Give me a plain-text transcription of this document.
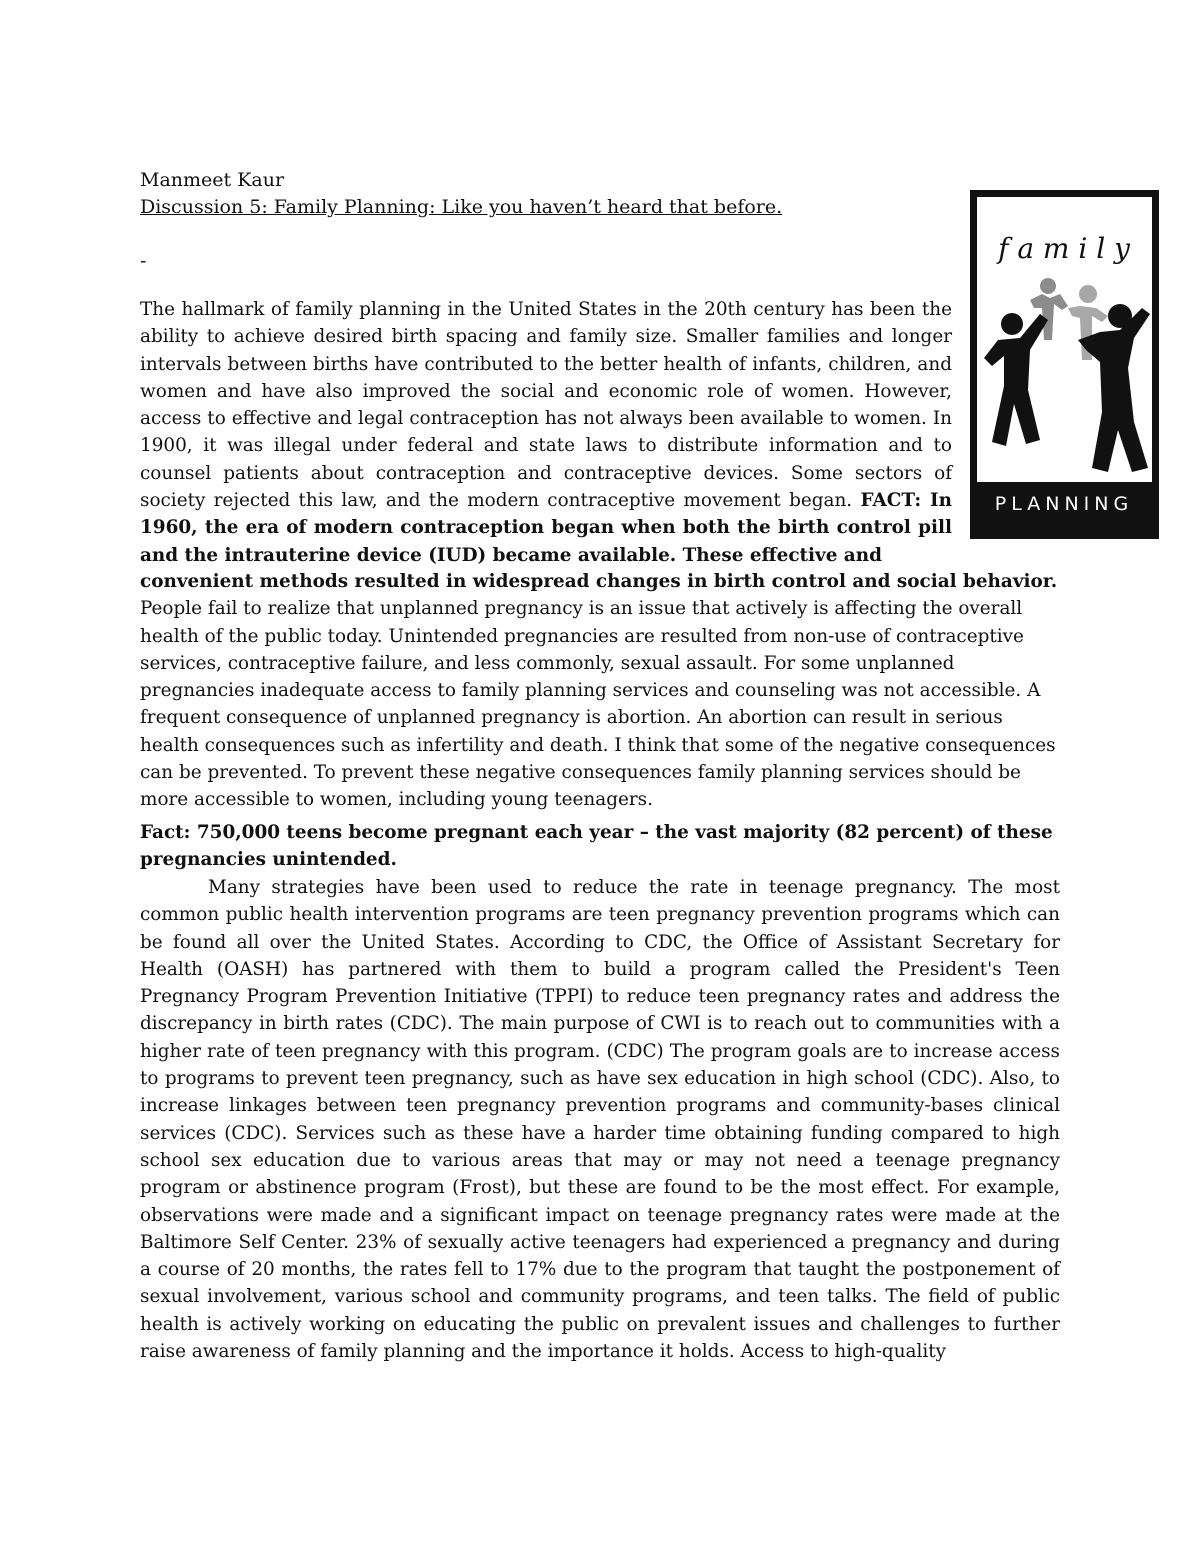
Manmeet Kaur
Discussion 5: Family Planning: Like you haven’t heard that before.
-	f a m i l y
PLANNING
The hallmark of family planning in the United States in the 20th century has been the ability to achieve desired birth spacing and family size. Smaller families and longer intervals between births have contributed to the better health of infants, children, and women and have also improved the social and economic role of women. However, access to effective and legal contraception has not always been available to women. In 1900, it was illegal under federal and state laws to distribute information and to counsel patients about contraception and contraceptive devices. Some sectors of society rejected this law, and the modern contraceptive movement began. FACT: In 1960, the era of modern contraception began when both the birth control pill and the intrauterine device (IUD) became available. These effective and
convenient methods resulted in widespread changes in birth control and social behavior. People fail to realize that unplanned pregnancy is an issue that actively is affecting the overall health of the public today. Unintended pregnancies are resulted from non-use of contraceptive services, contraceptive failure, and less commonly, sexual assault. For some unplanned pregnancies inadequate access to family planning services and counseling was not accessible. A frequent consequence of unplanned pregnancy is abortion. An abortion can result in serious health consequences such as infertility and death. I think that some of the negative consequences can be prevented. To prevent these negative consequences family planning services should be more accessible to women, including young teenagers.
Fact: 750,000 teens become pregnant each year – the vast majority (82 percent) of these pregnancies unintended.
Many strategies have been used to reduce the rate in teenage pregnancy. The most common public health intervention programs are teen pregnancy prevention programs which can be found all over the United States. According to CDC, the Office of Assistant Secretary for Health (OASH) has partnered with them to build a program called the President's Teen Pregnancy Program Prevention Initiative (TPPI) to reduce teen pregnancy rates and address the discrepancy in birth rates (CDC). The main purpose of CWI is to reach out to communities with a higher rate of teen pregnancy with this program. (CDC) The program goals are to increase access to programs to prevent teen pregnancy, such as have sex education in high school (CDC). Also, to increase linkages between teen pregnancy prevention programs and community-bases clinical services (CDC). Services such as these have a harder time obtaining funding compared to high school sex education due to various areas that may or may not need a teenage pregnancy program or abstinence program (Frost), but these are found to be the most effect. For example, observations were made and a significant impact on teenage pregnancy rates were made at the Baltimore Self Center. 23% of sexually active teenagers had experienced a pregnancy and during a course of 20 months, the rates fell to 17% due to the program that taught the postponement of sexual involvement, various school and community programs, and teen talks. The field of public health is actively working on educating the public on prevalent issues and challenges to further raise awareness of family planning and the importance it holds. Access to high-quality
